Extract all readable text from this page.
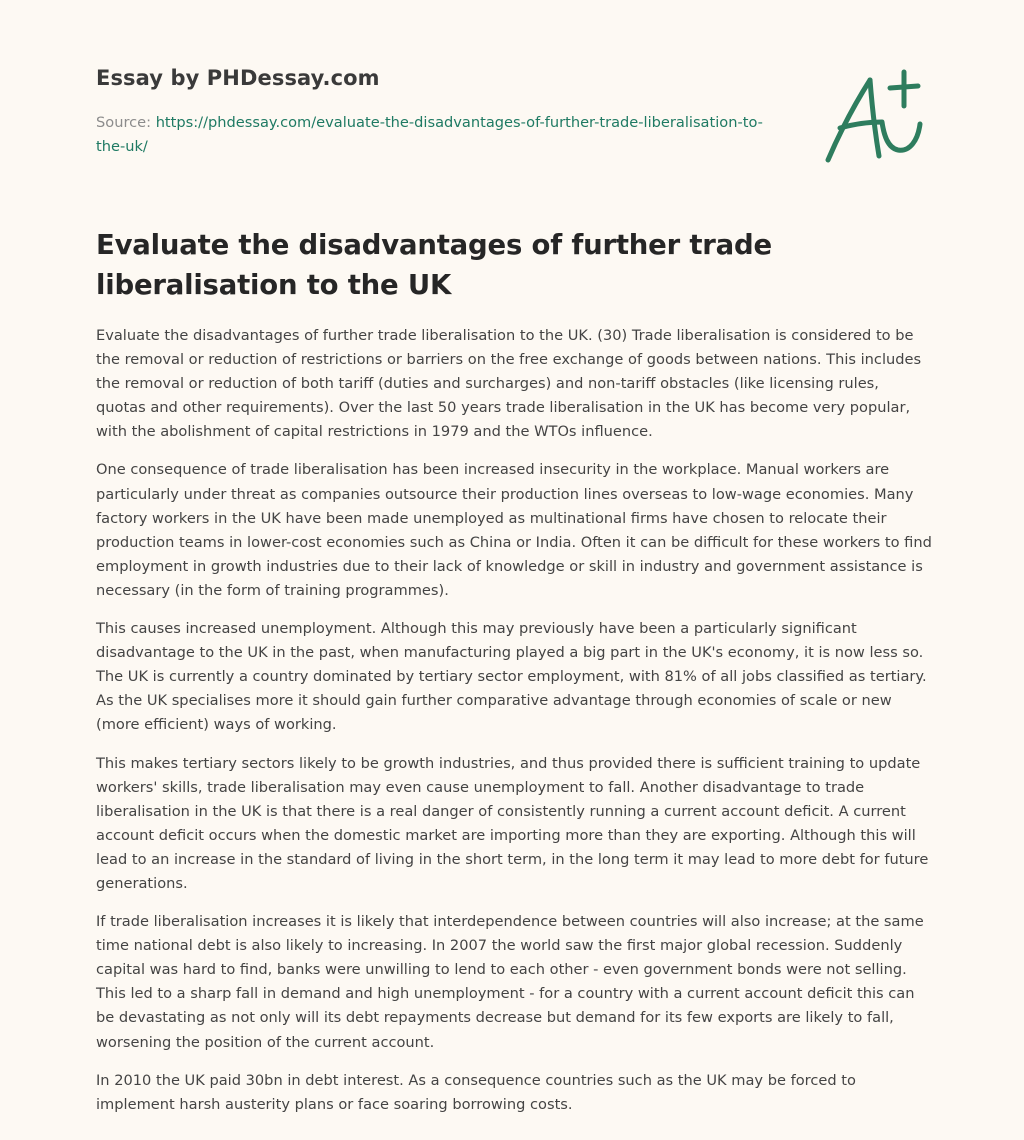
Essay by PHDessay.com

Source: https://phdessay.com/evaluate-the-disadvantages-of-further-trade-liberalisation-to-the-uk/

Evaluate the disadvantages of further trade liberalisation to the UK

Evaluate the disadvantages of further trade liberalisation to the UK. (30) Trade liberalisation is considered to be the removal or reduction of restrictions or barriers on the free exchange of goods between nations. This includes the removal or reduction of both tariff (duties and surcharges) and non-tariff obstacles (like licensing rules, quotas and other requirements). Over the last 50 years trade liberalisation in the UK has become very popular, with the abolishment of capital restrictions in 1979 and the WTOs influence.

One consequence of trade liberalisation has been increased insecurity in the workplace. Manual workers are particularly under threat as companies outsource their production lines overseas to low-wage economies. Many factory workers in the UK have been made unemployed as multinational firms have chosen to relocate their production teams in lower-cost economies such as China or India. Often it can be difficult for these workers to find employment in growth industries due to their lack of knowledge or skill in industry and government assistance is necessary (in the form of training programmes).

This causes increased unemployment. Although this may previously have been a particularly significant disadvantage to the UK in the past, when manufacturing played a big part in the UK's economy, it is now less so. The UK is currently a country dominated by tertiary sector employment, with 81% of all jobs classified as tertiary. As the UK specialises more it should gain further comparative advantage through economies of scale or new (more efficient) ways of working.

This makes tertiary sectors likely to be growth industries, and thus provided there is sufficient training to update workers' skills, trade liberalisation may even cause unemployment to fall. Another disadvantage to trade liberalisation in the UK is that there is a real danger of consistently running a current account deficit. A current account deficit occurs when the domestic market are importing more than they are exporting. Although this will lead to an increase in the standard of living in the short term, in the long term it may lead to more debt for future generations.

If trade liberalisation increases it is likely that interdependence between countries will also increase; at the same time national debt is also likely to increasing. In 2007 the world saw the first major global recession. Suddenly capital was hard to find, banks were unwilling to lend to each other - even government bonds were not selling. This led to a sharp fall in demand and high unemployment - for a country with a current account deficit this can be devastating as not only will its debt repayments decrease but demand for its few exports are likely to fall, worsening the position of the current account.

In 2010 the UK paid 30bn in debt interest. As a consequence countries such as the UK may be forced to implement harsh austerity plans or face soaring borrowing costs.
